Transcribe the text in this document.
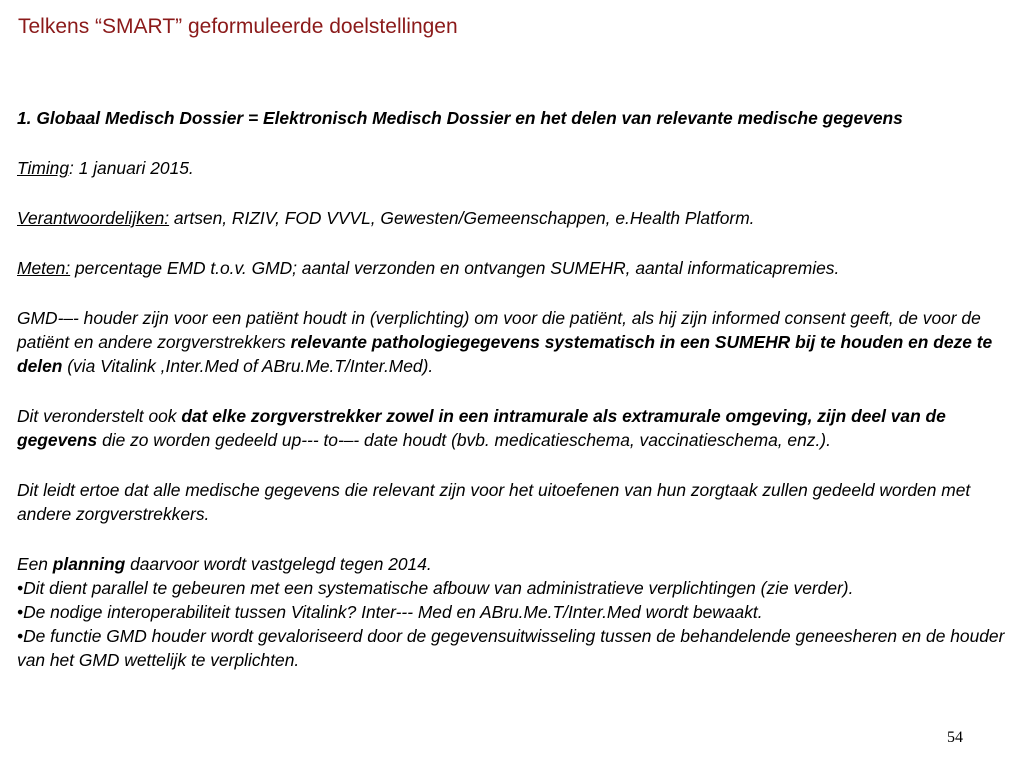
Telkens “SMART” geformuleerde doelstellingen

1. Globaal Medisch Dossier = Elektronisch Medisch Dossier en het delen van relevante medische gegevens

Timing: 1 januari 2015.

Verantwoordelijken: artsen, RIZIV, FOD VVVL, Gewesten/Gemeenschappen, e.Health Platform.

Meten: percentage EMD t.o.v. GMD; aantal verzonden en ontvangen SUMEHR, aantal informaticapremies.

GMD-–- houder zijn voor een patiënt houdt in (verplichting) om voor die patiënt, als hij zijn informed consent geeft, de voor de patiënt en andere zorgverstrekkers relevante pathologiegegevens systematisch in een SUMEHR bij te houden en deze te delen (via Vitalink ,Inter.Med of ABru.Me.T/Inter.Med).

Dit veronderstelt ook dat elke zorgverstrekker zowel in een intramurale als extramurale omgeving, zijn deel van de gegevens die zo worden gedeeld up--- to-–- date houdt (bvb. medicatieschema, vaccinatieschema, enz.).

Dit leidt ertoe dat alle medische gegevens die relevant zijn voor het uitoefenen van hun zorgtaak zullen gedeeld worden met andere zorgverstrekkers.

Een planning daarvoor wordt vastgelegd tegen 2014.

•Dit dient parallel te gebeuren met een systematische afbouw van administratieve verplichtingen (zie verder).

•De nodige interoperabiliteit tussen Vitalink? Inter--- Med en ABru.Me.T/Inter.Med wordt bewaakt.

•De functie GMD houder wordt gevaloriseerd door de gegevensuitwisseling tussen de behandelende geneesheren en de houder van het GMD wettelijk te verplichten.

54
